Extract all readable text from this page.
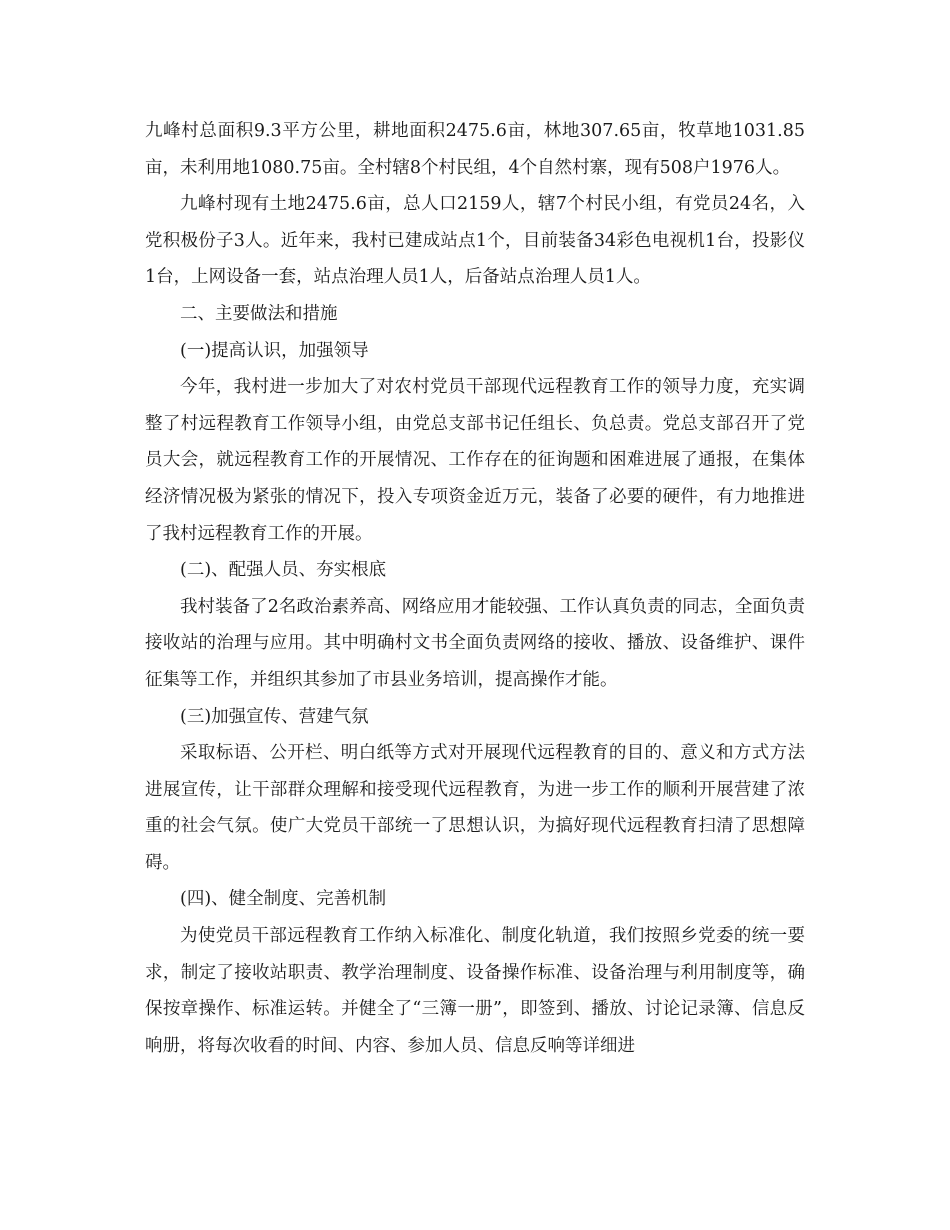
九峰村总面积9.3平方公里，耕地面积2475.6亩，林地307.65亩，牧草地1031.85亩，未利用地1080.75亩。全村辖8个村民组，4个自然村寨，现有508户1976人。

九峰村现有土地2475.6亩，总人口2159人，辖7个村民小组，有党员24名，入党积极份子3人。近年来，我村已建成站点1个，目前装备34彩色电视机1台，投影仪1台，上网设备一套，站点治理人员1人，后备站点治理人员1人。

二、主要做法和措施

(一)提高认识，加强领导

今年，我村进一步加大了对农村党员干部现代远程教育工作的领导力度，充实调整了村远程教育工作领导小组，由党总支部书记任组长、负总责。党总支部召开了党员大会，就远程教育工作的开展情况、工作存在的征询题和困难进展了通报，在集体经济情况极为紧张的情况下，投入专项资金近万元，装备了必要的硬件，有力地推进了我村远程教育工作的开展。

(二)、配强人员、夯实根底

我村装备了2名政治素养高、网络应用才能较强、工作认真负责的同志，全面负责接收站的治理与应用。其中明确村文书全面负责网络的接收、播放、设备维护、课件征集等工作，并组织其参加了市县业务培训，提高操作才能。

(三)加强宣传、营建气氛

采取标语、公开栏、明白纸等方式对开展现代远程教育的目的、意义和方式方法进展宣传，让干部群众理解和接受现代远程教育，为进一步工作的顺利开展营建了浓重的社会气氛。使广大党员干部统一了思想认识，为搞好现代远程教育扫清了思想障碍。

(四)、健全制度、完善机制

为使党员干部远程教育工作纳入标准化、制度化轨道，我们按照乡党委的统一要求，制定了接收站职责、教学治理制度、设备操作标准、设备治理与利用制度等，确保按章操作、标准运转。并健全了“三簿一册”，即签到、播放、讨论记录簿、信息反响册，将每次收看的时间、内容、参加人员、信息反响等详细进
